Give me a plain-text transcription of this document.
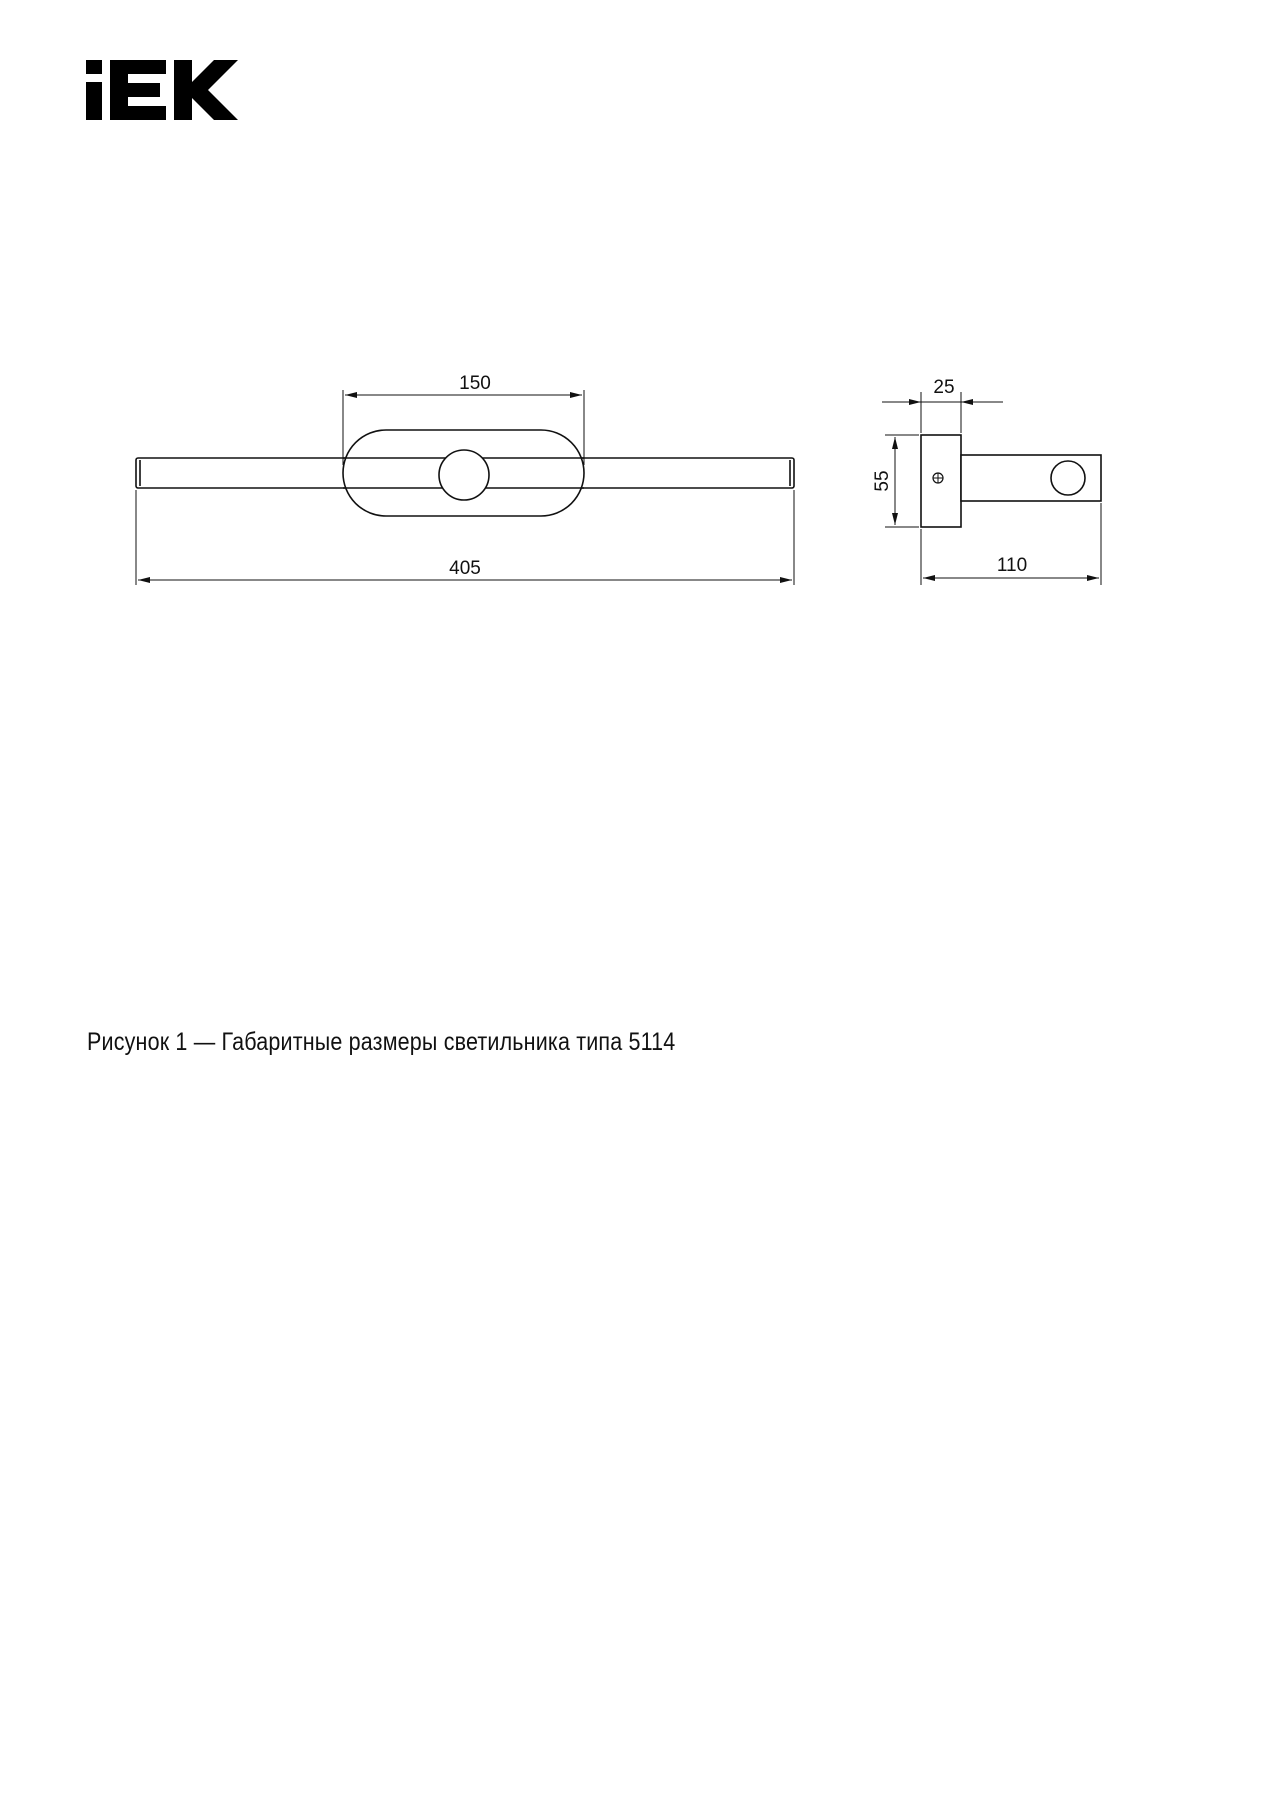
150
405
25
55
110
Рисунок 1 — Габаритные размеры светильника типа 5114
